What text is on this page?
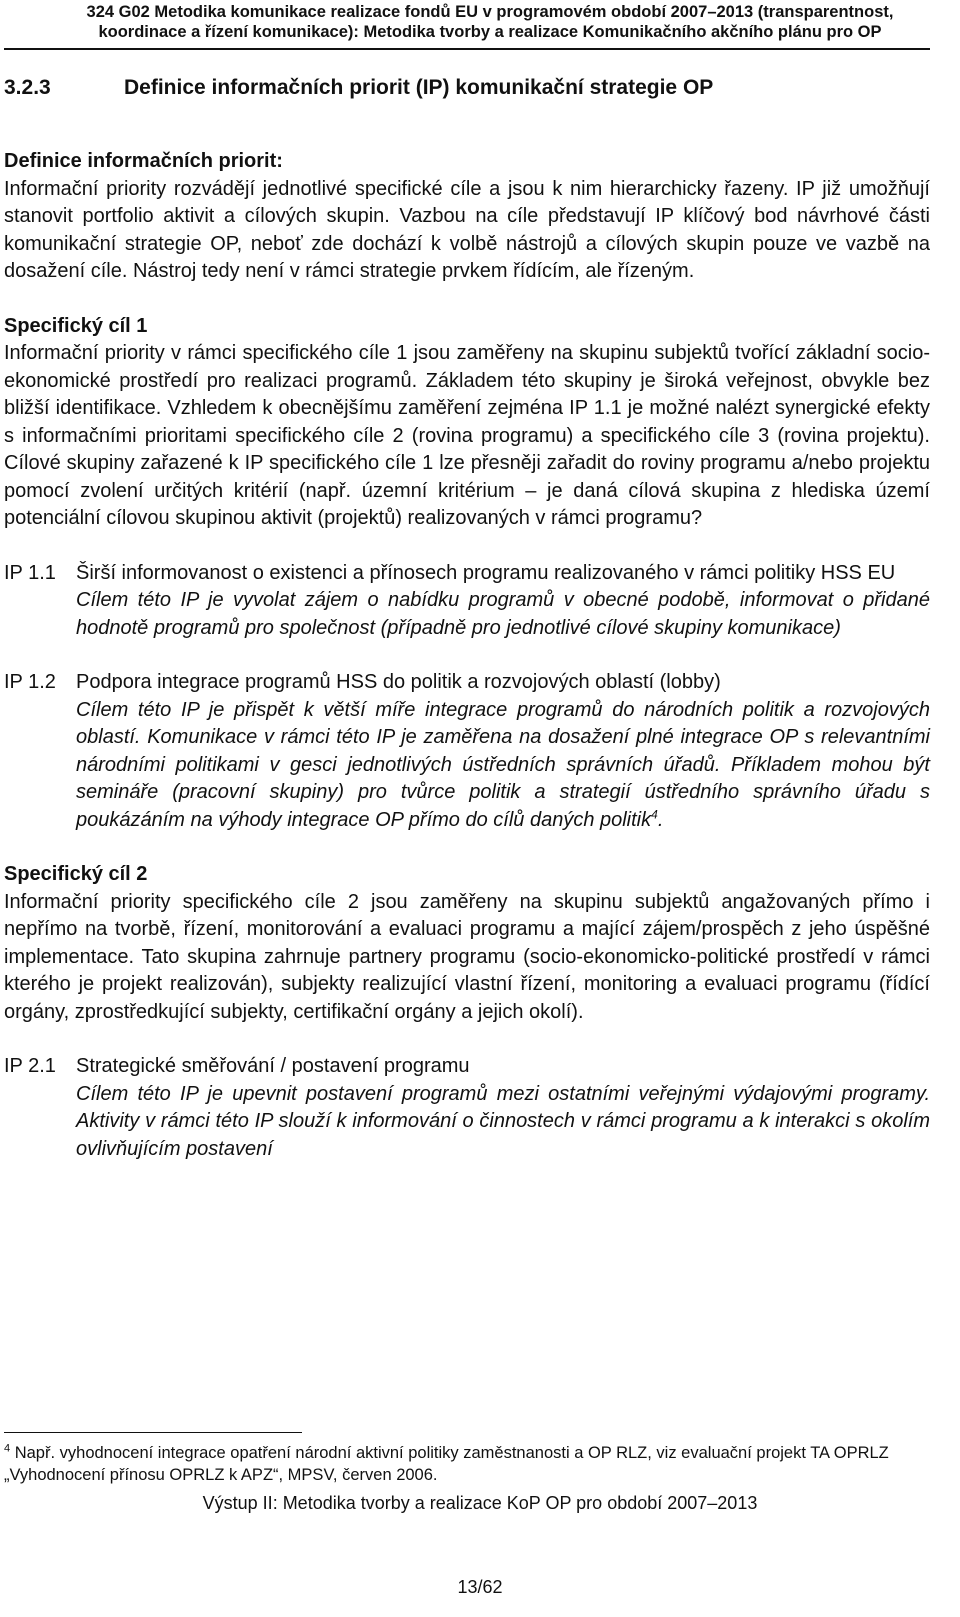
324 G02 Metodika komunikace realizace fondů EU v programovém období 2007–2013 (transparentnost,
koordinace a řízení komunikace): Metodika tvorby a realizace Komunikačního akčního plánu pro OP
3.2.3	Definice informačních priorit (IP) komunikační strategie OP

Definice informačních priorit:

Informační priority rozvádějí jednotlivé specifické cíle a jsou k nim hierarchicky řazeny. IP již umožňují stanovit portfolio aktivit a cílových skupin. Vazbou na cíle představují IP klíčový bod návrhové části komunikační strategie OP, neboť zde dochází k volbě nástrojů a cílových skupin pouze ve vazbě na dosažení cíle. Nástroj tedy není v rámci strategie prvkem řídícím, ale řízeným.

Specifický cíl 1

Informační priority v rámci specifického cíle 1 jsou zaměřeny na skupinu subjektů tvořící základní socio-ekonomické prostředí pro realizaci programů. Základem této skupiny je široká veřejnost, obvykle bez bližší identifikace. Vzhledem k obecnějšímu zaměření zejména IP 1.1 je možné nalézt synergické efekty s informačními prioritami specifického cíle 2 (rovina programu) a specifického cíle 3 (rovina projektu). Cílové skupiny zařazené k IP specifického cíle 1 lze přesněji zařadit do roviny programu a/nebo projektu pomocí zvolení určitých kritérií (např. územní kritérium – je daná cílová skupina z hlediska území potenciální cílovou skupinou aktivit (projektů) realizovaných v rámci programu?

IP 1.1	Širší informovanost o existenci a přínosech programu realizovaného v rámci politiky HSS EU
Cílem této IP je vyvolat zájem o nabídku programů v obecné podobě, informovat o přidané hodnotě programů pro společnost (případně pro jednotlivé cílové skupiny komunikace)
IP 1.2	Podpora integrace programů HSS do politik a rozvojových oblastí (lobby)
Cílem této IP je přispět k větší míře integrace programů do národních politik a rozvojových oblastí. Komunikace v rámci této IP je zaměřena na dosažení plné integrace OP s relevantními národními politikami v gesci jednotlivých ústředních správních úřadů. Příkladem mohou být semináře (pracovní skupiny) pro tvůrce politik a strategií ústředního správního úřadu s poukázáním na výhody integrace OP přímo do cílů daných politik$^4$.

Specifický cíl 2

Informační priority specifického cíle 2 jsou zaměřeny na skupinu subjektů angažovaných přímo i nepřímo na tvorbě, řízení, monitorování a evaluaci programu a mající zájem/prospěch z jeho úspěšné implementace. Tato skupina zahrnuje partnery programu (socio-ekonomicko-politické prostředí v rámci kterého je projekt realizován), subjekty realizující vlastní řízení, monitoring a evaluaci programu (řídící orgány, zprostředkující subjekty, certifikační orgány a jejich okolí).

IP 2.1	Strategické směřování / postavení programu
Cílem této IP je upevnit postavení programů mezi ostatními veřejnými výdajovými programy. Aktivity v rámci této IP slouží k informování o činnostech v rámci programu a k interakci s okolím ovlivňujícím postavení
$^4$ Např. vyhodnocení integrace opatření národní aktivní politiky zaměstnanosti a OP RLZ, viz evaluační projekt TA OPRLZ „Vyhodnocení přínosu OPRLZ k APZ“, MPSV, červen 2006.
Výstup II: Metodika tvorby a realizace KoP OP pro období 2007–2013
13/62
